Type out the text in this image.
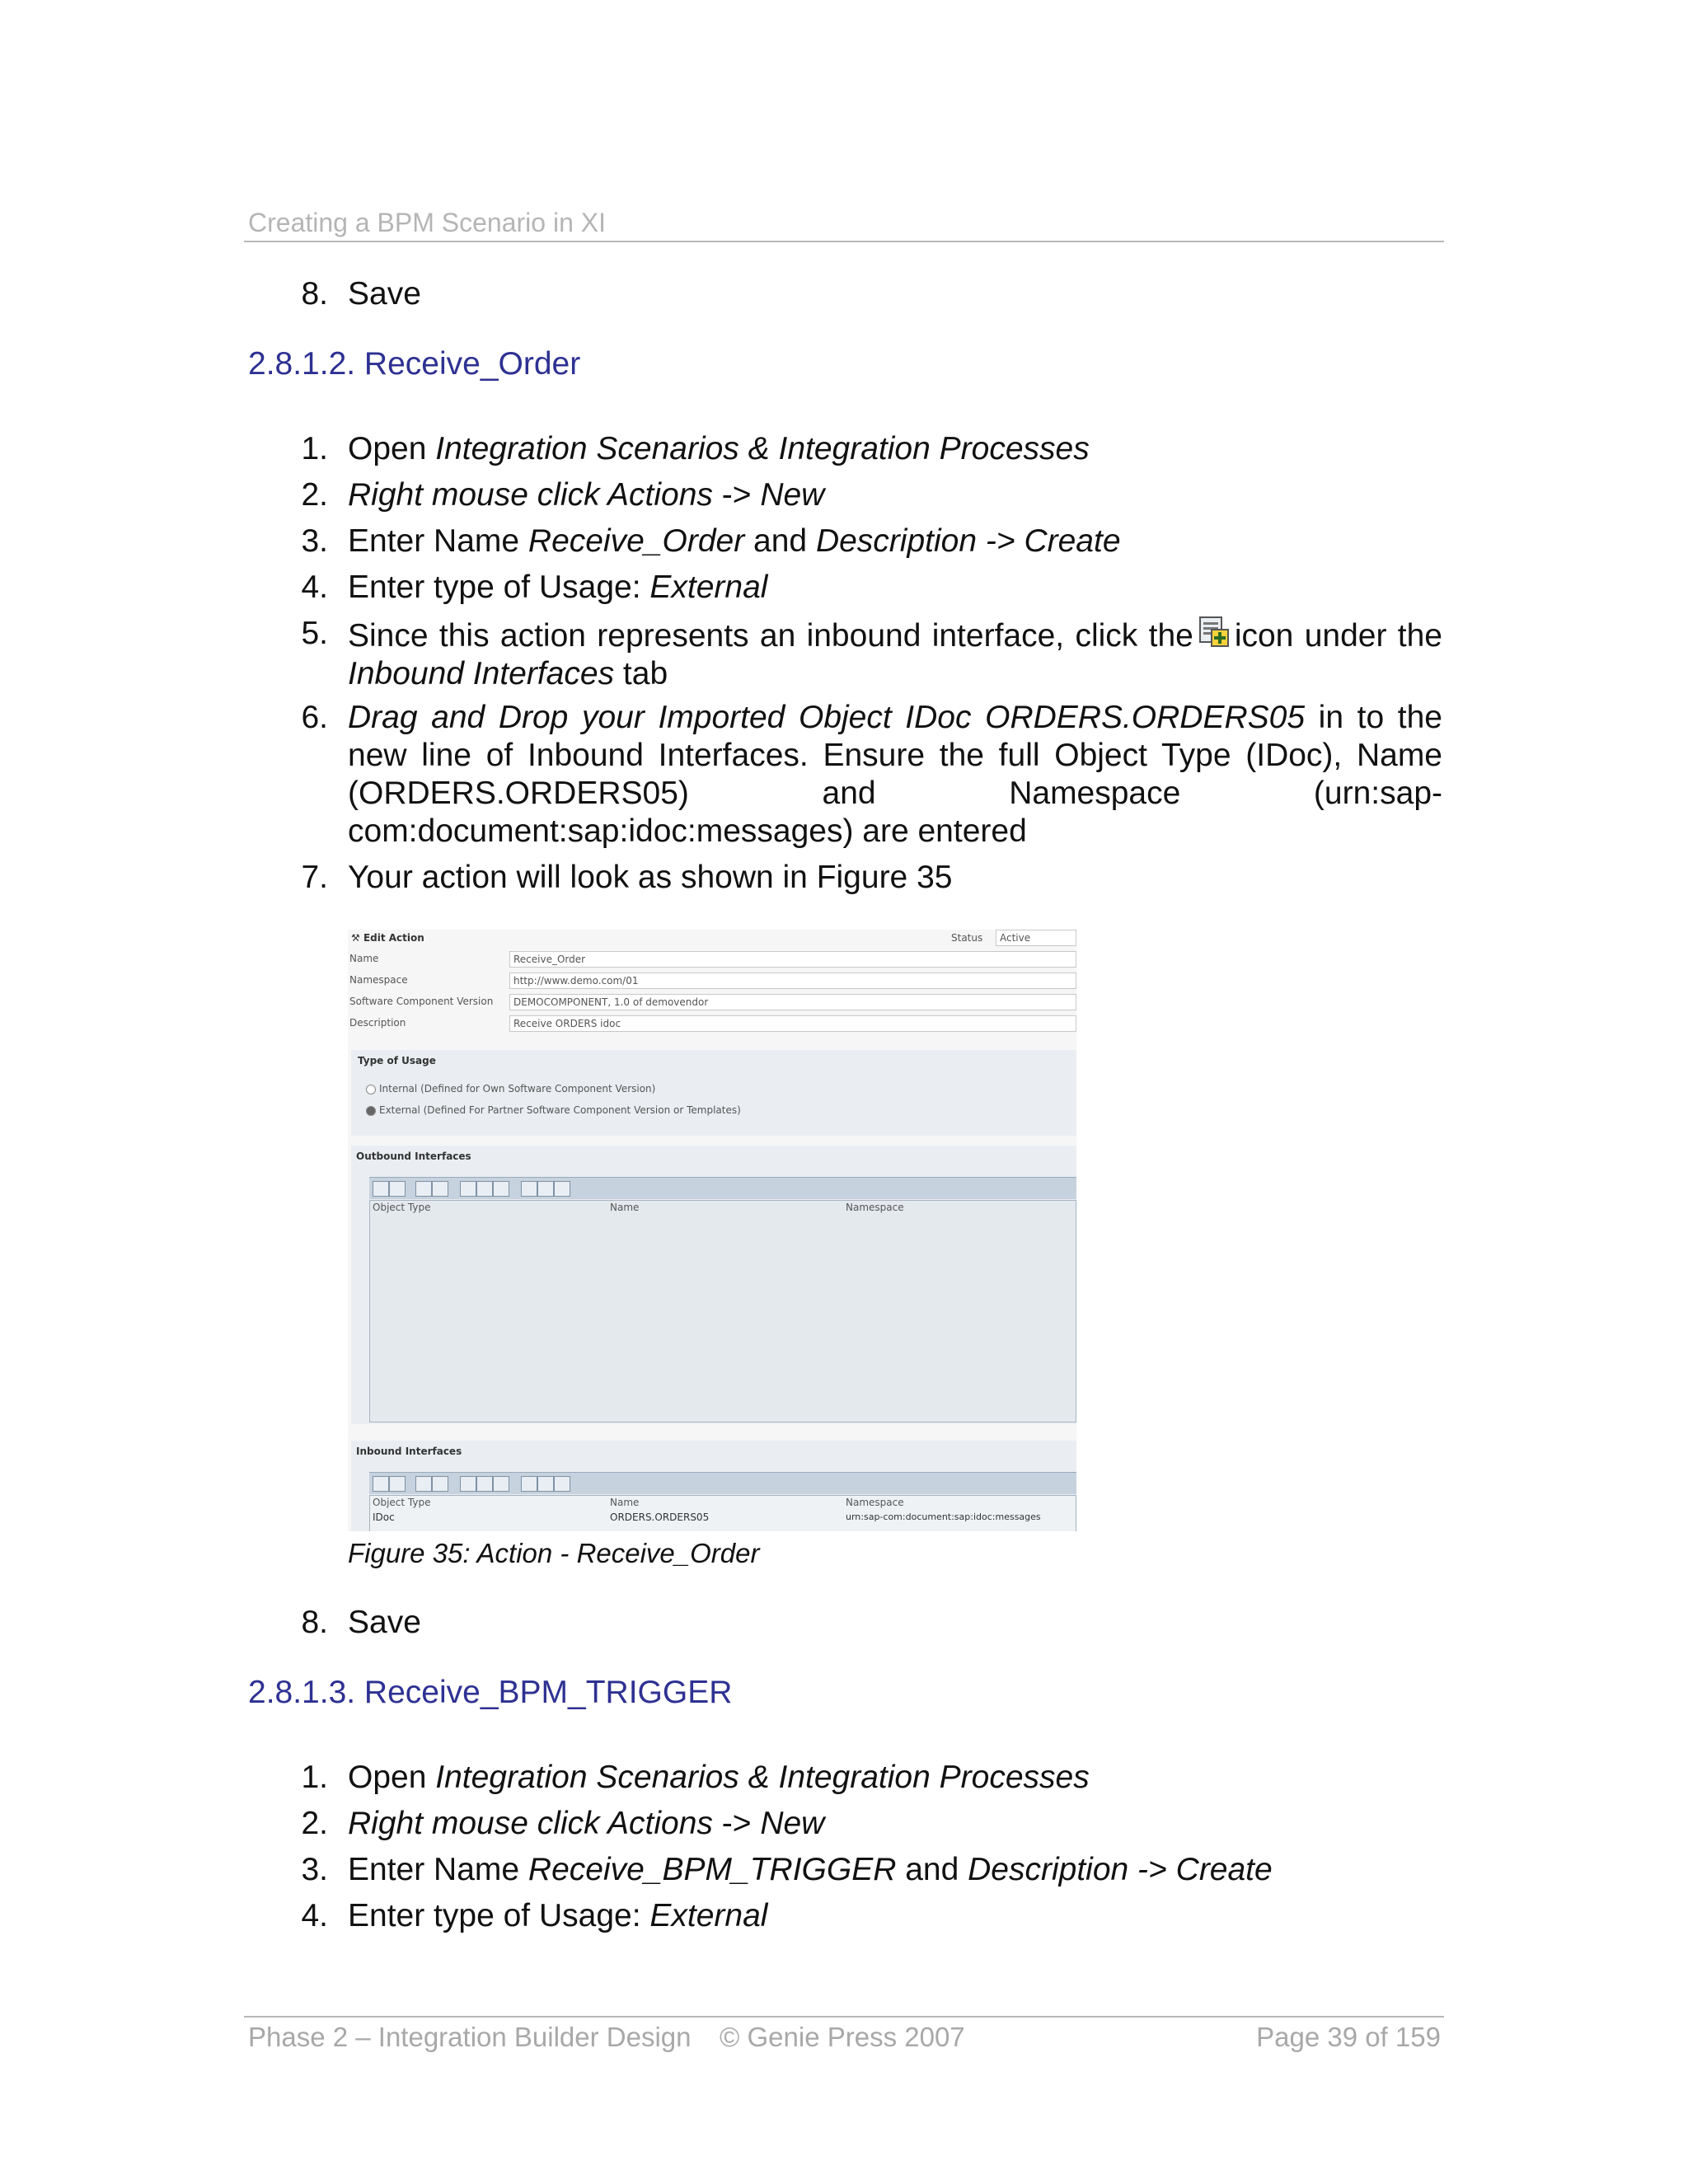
Creating a BPM Scenario in XI
8. Save
2.8.1.2. Receive_Order
1. Open Integration Scenarios & Integration Processes
2. Right mouse click Actions -> New
3. Enter Name Receive_Order and Description -> Create
4. Enter type of Usage: External
5. Since this action represents an inbound interface, click the icon under the Inbound Interfaces tab
6. Drag and Drop your Imported Object IDoc ORDERS.ORDERS05 in to the new line of Inbound Interfaces. Ensure the full Object Type (IDoc), Name (ORDERS.ORDERS05) and Namespace (urn:sap-com:document:sap:idoc:messages) are entered
7. Your action will look as shown in Figure 35
⚒ Edit Action	Status	Active
Name	Receive_Order
Namespace	http://www.demo.com/01
Software Component Version	DEMOCOMPONENT, 1.0 of demovendor
Description	Receive ORDERS idoc
Type of Usage
Internal (Defined for Own Software Component Version)
External (Defined For Partner Software Component Version or Templates)
Outbound Interfaces
Object Type	Name	Namespace
Inbound Interfaces
Object Type	Name	Namespace
IDoc	ORDERS.ORDERS05	urn:sap-com:document:sap:idoc:messages
Figure 35: Action - Receive_Order
8. Save
2.8.1.3. Receive_BPM_TRIGGER
1. Open Integration Scenarios & Integration Processes
2. Right mouse click Actions -> New
3. Enter Name Receive_BPM_TRIGGER and Description -> Create
4. Enter type of Usage: External
Phase 2 – Integration Builder Design © Genie Press 2007	Page 39 of 159
